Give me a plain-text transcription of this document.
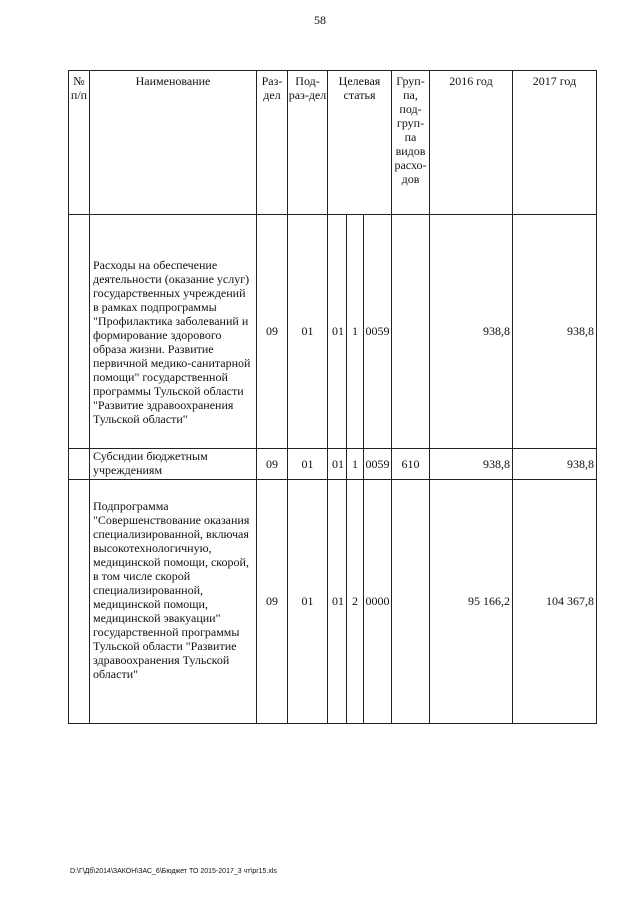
58
№ п/п	Наименование	Раз-дел	Под-раз-дел	Целевая статья			Груп-па, под-груп-па видов расхо-дов	2016 год	2017 год

	Расходы на обеспечение деятельности (оказание услуг) государственных учреждений в рамках подпрограммы "Профилактика заболеваний и формирование здорового образа жизни. Развитие первичной медико-санитарной помощи" государственной программы Тульской области "Развитие здравоохранения Тульской области"	09	01	01	1	0059		938,8	938,8
	Субсидии бюджетным учреждениям	09	01	01	1	0059	610	938,8	938,8

	Подпрограмма "Совершенствование оказания специализированной, включая высокотехнологичную, медицинской помощи, скорой, в том числе скорой специализированной, медицинской помощи, медицинской эвакуации" государственной программы Тульской области "Развитие здравоохранения Тульской области"	09	01	01	2	0000		95 166,2	104 367,8
D:\Г\Дб\2014\ЗАКОН\ЗАС_6\Бюджет ТО 2015-2017_3 чт\pr15.xls
